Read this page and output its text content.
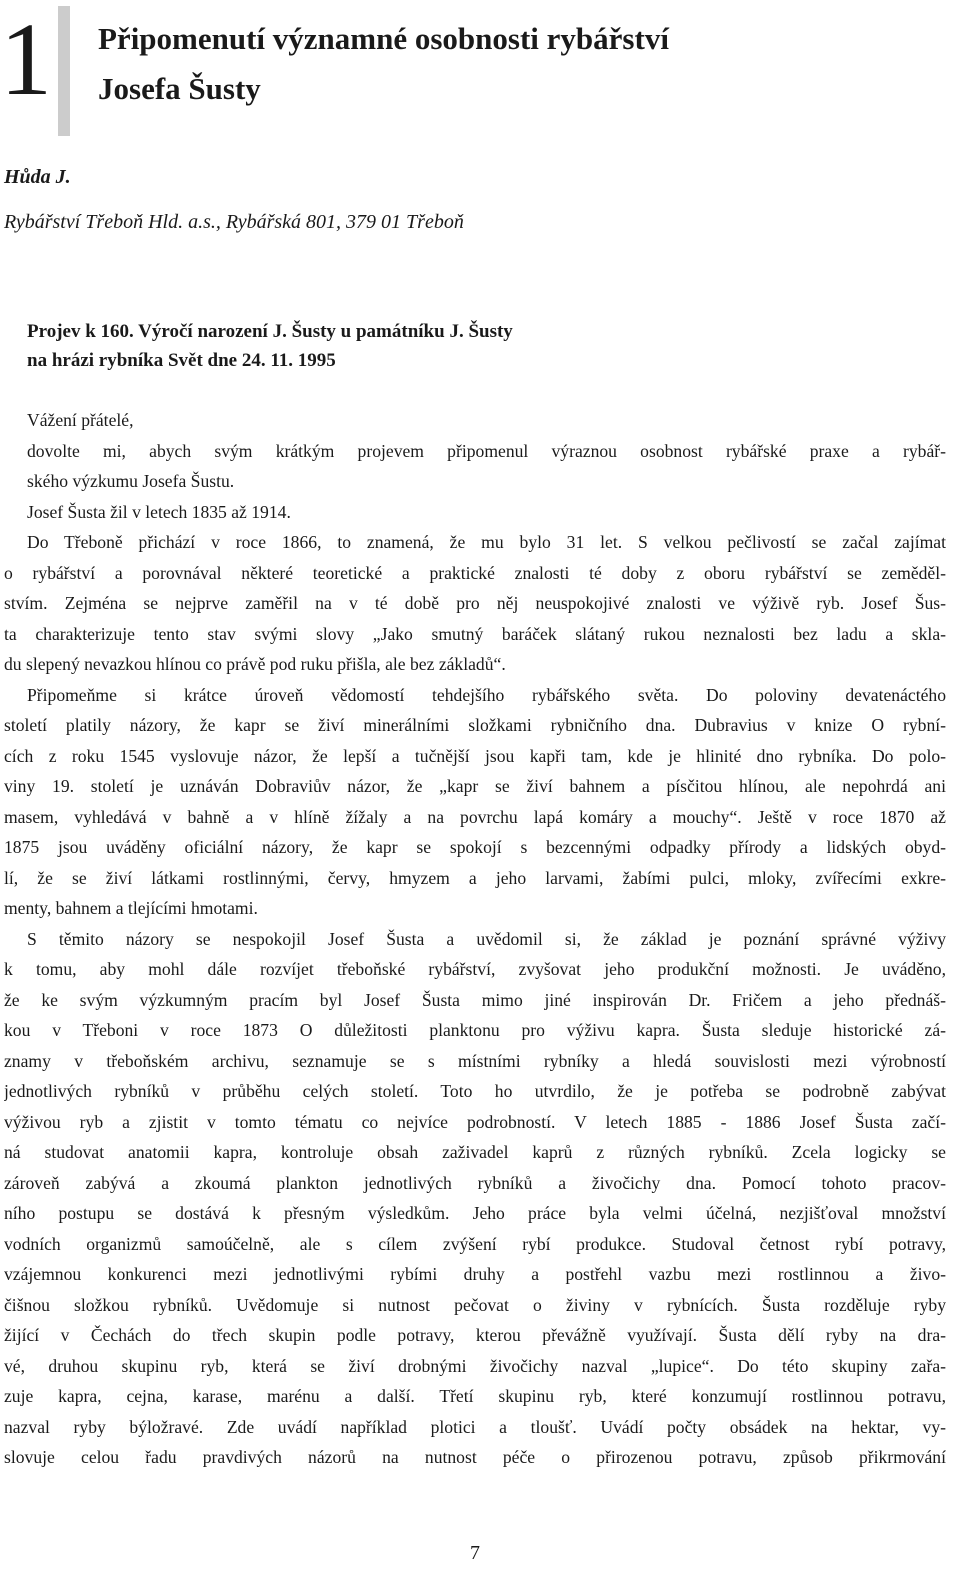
1 Připomenutí významné osobnosti rybářství
Josefa Šusty
Hůda J.
Rybářství Třeboň Hld. a.s., Rybářská 801, 379 01 Třeboň
Projev k 160. Výročí narození J. Šusty u památníku J. Šusty
na hrázi rybníka Svět dne 24. 11. 1995
Vážení přátelé,
dovolte mi, abych svým krátkým projevem připomenul výraznou osobnost rybářské praxe a rybář-
ského výzkumu Josefa Šustu.
Josef Šusta žil v letech 1835 až 1914.
Do Třeboně přichází v roce 1866, to znamená, že mu bylo 31 let. S velkou pečlivostí se začal zajímat
o rybářství a porovnával některé teoretické a praktické znalosti té doby z oboru rybářství se zeměděl-
stvím. Zejména se nejprve zaměřil na v té době pro něj neuspokojivé znalosti ve výživě ryb. Josef Šus-
ta charakterizuje tento stav svými slovy „Jako smutný baráček slátaný rukou neznalosti bez ladu a skla-
du slepený nevazkou hlínou co právě pod ruku přišla, ale bez základů“.
Připomeňme si krátce úroveň vědomostí tehdejšího rybářského světa. Do poloviny devatenáctého
století platily názory, že kapr se živí minerálními složkami rybničního dna. Dubravius v knize O rybní-
cích z roku 1545 vyslovuje názor, že lepší a tučnější jsou kapři tam, kde je hlinité dno rybníka. Do polo-
viny 19. století je uznáván Dobraviův názor, že „kapr se živí bahnem a písčitou hlínou, ale nepohrdá ani
masem, vyhledává v bahně a v hlíně žížaly a na povrchu lapá komáry a mouchy“. Ještě v roce 1870 až
1875 jsou uváděny oficiální názory, že kapr se spokojí s bezcennými odpadky přírody a lidských obyd-
lí, že se živí látkami rostlinnými, červy, hmyzem a jeho larvami, žabími pulci, mloky, zvířecími exkre-
menty, bahnem a tlejícími hmotami.
S těmito názory se nespokojil Josef Šusta a uvědomil si, že základ je poznání správné výživy
k tomu, aby mohl dále rozvíjet třeboňské rybářství, zvyšovat jeho produkční možnosti. Je uváděno,
že ke svým výzkumným pracím byl Josef Šusta mimo jiné inspirován Dr. Fričem a jeho přednáš-
kou v Třeboni v roce 1873 O důležitosti planktonu pro výživu kapra. Šusta sleduje historické zá-
znamy v třeboňském archivu, seznamuje se s místními rybníky a hledá souvislosti mezi výrobností
jednotlivých rybníků v průběhu celých století. Toto ho utvrdilo, že je potřeba se podrobně zabývat
výživou ryb a zjistit v tomto tématu co nejvíce podrobností. V letech 1885 - 1886 Josef Šusta začí-
ná studovat anatomii kapra, kontroluje obsah zaživadel kaprů z různých rybníků. Zcela logicky se
zároveň zabývá a zkoumá plankton jednotlivých rybníků a živočichy dna. Pomocí tohoto pracov-
ního postupu se dostává k přesným výsledkům. Jeho práce byla velmi účelná, nezjišťoval množství
vodních organizmů samoúčelně, ale s cílem zvýšení rybí produkce. Studoval četnost rybí potravy,
vzájemnou konkurenci mezi jednotlivými rybími druhy a postřehl vazbu mezi rostlinnou a živo-
čišnou složkou rybníků. Uvědomuje si nutnost pečovat o živiny v rybnících. Šusta rozděluje ryby
žijící v Čechách do třech skupin podle potravy, kterou převážně využívají. Šusta dělí ryby na dra-
vé, druhou skupinu ryb, která se živí drobnými živočichy nazval „lupice“. Do této skupiny zařa-
zuje kapra, cejna, karase, marénu a další. Třetí skupinu ryb, které konzumují rostlinnou potravu,
nazval ryby býložravé. Zde uvádí například plotici a tloušť. Uvádí počty obsádek na hektar, vy-
slovuje celou řadu pravdivých názorů na nutnost péče o přirozenou potravu, způsob přikrmování
7
